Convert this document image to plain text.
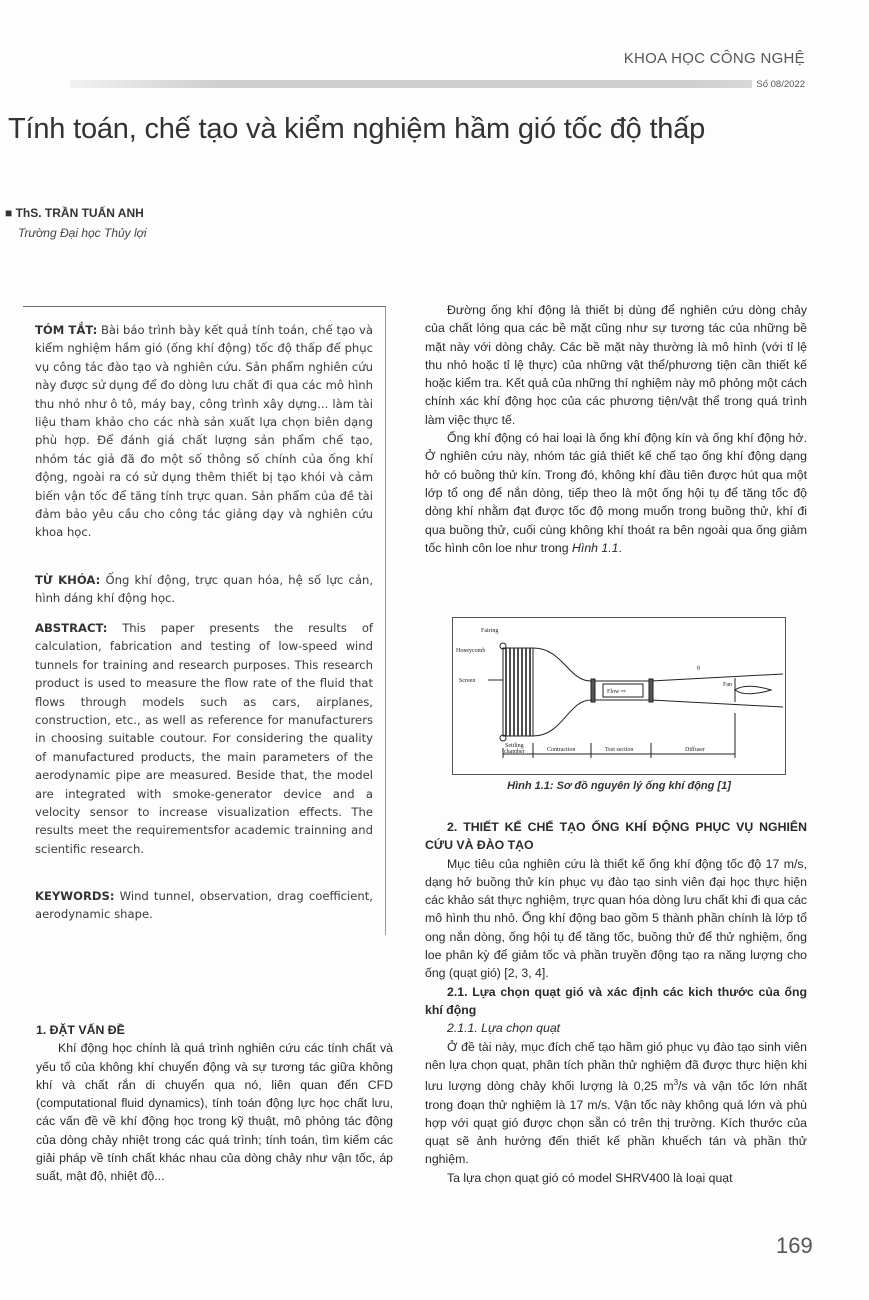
KHOA HỌC CÔNG NGHỆ
Số 08/2022
Tính toán, chế tạo và kiểm nghiệm hầm gió tốc độ thấp
■ ThS. TRẦN TUẤN ANH
Trường Đại học Thủy lợi

TÓM TẮT: Bài báo trình bày kết quả tính toán, chế tạo và kiểm nghiệm hầm gió (ống khí động) tốc độ thấp để phục vụ công tác đào tạo và nghiên cứu. Sản phẩm nghiên cứu này được sử dụng để đo dòng lưu chất đi qua các mô hình thu nhỏ như ô tô, máy bay, công trình xây dựng... làm tài liệu tham khảo cho các nhà sản xuất lựa chọn biên dạng phù hợp. Để đánh giá chất lượng sản phẩm chế tạo, nhóm tác giả đã đo một số thông số chính của ống khí động, ngoài ra có sử dụng thêm thiết bị tạo khói và cảm biến vận tốc để tăng tính trực quan. Sản phẩm của đề tài đảm bảo yêu cầu cho công tác giảng dạy và nghiên cứu khoa học.

TỪ KHÓA: Ống khí động, trực quan hóa, hệ số lực cản, hình dáng khí động học.

ABSTRACT: This paper presents the results of calculation, fabrication and testing of low-speed wind tunnels for training and research purposes. This research product is used to measure the flow rate of the fluid that flows through models such as cars, airplanes, construction, etc., as well as reference for manufacturers in choosing suitable coutour. For considering the quality of manufactured products, the main parameters of the aerodynamic pipe are measured. Beside that, the model are integrated with smoke-generator device and a velocity sensor to increase visualization effects. The results meet the requirementsfor academic trainning and scientific research.

KEYWORDS: Wind tunnel, observation, drag coefficient, aerodynamic shape.

1. ĐẶT VẤN ĐỀ

Khí động học chính là quá trình nghiên cứu các tính chất và yếu tố của không khí chuyển động và sự tương tác giữa không khí và chất rắn di chuyển qua nó, liên quan đến CFD (computational fluid dynamics), tính toán động lực học chất lưu, các vấn đề về khí động học trong kỹ thuật, mô phỏng tác động của dòng chảy nhiệt trong các quá trình; tính toán, tìm kiếm các giải pháp về tính chất khác nhau của dòng chảy như vận tốc, áp suất, mật độ, nhiệt độ...

Đường ống khí động là thiết bị dùng để nghiên cứu dòng chảy của chất lỏng qua các bề mặt cũng như sự tương tác của những bề mặt này với dòng chảy. Các bề mặt này thường là mô hình (với tỉ lệ thu nhỏ hoặc tỉ lệ thực) của những vật thể/phương tiện cần thiết kế hoặc kiểm tra. Kết quả của những thí nghiệm này mô phỏng một cách chính xác khí động học của các phương tiện/vật thể trong quá trình làm việc thực tế.

Ống khí động có hai loại là ống khí động kín và ống khí động hở. Ở nghiên cứu này, nhóm tác giả thiết kế chế tạo ống khí động dạng hở có buồng thử kín. Trong đó, không khí đầu tiên được hút qua một lớp tổ ong để nắn dòng, tiếp theo là một ống hội tụ để tăng tốc độ dòng khí nhằm đạt được tốc độ mong muốn trong buồng thử, khí đi qua buồng thử, cuối cùng không khí thoát ra bên ngoài qua ống giảm tốc hình côn loe như trong Hình 1.1.

Fairing
Honeycomb
Screen
Flow ⇨
Fan
θ
Settling
chamber	Contraction	Test section	Diffuser
Hình 1.1: Sơ đồ nguyên lý ống khí động [1]

2. THIẾT KẾ CHẾ TẠO ỐNG KHÍ ĐỘNG PHỤC VỤ NGHIÊN CỨU VÀ ĐÀO TẠO

Mục tiêu của nghiên cứu là thiết kế ống khí động tốc độ 17 m/s, dạng hở buồng thử kín phục vụ đào tạo sinh viên đại học thực hiện các khảo sát thực nghiệm, trực quan hóa dòng lưu chất khi đi qua các mô hình thu nhỏ. Ống khí động bao gồm 5 thành phần chính là lớp tổ ong nắn dòng, ống hội tụ để tăng tốc, buồng thử để thử nghiệm, ống loe phân kỳ để giảm tốc và phần truyền động tạo ra năng lượng cho ống (quạt gió) [2, 3, 4].

2.1. Lựa chọn quạt gió và xác định các kich thước của ống khí động

2.1.1. Lựa chọn quạt

Ở đề tài này, mục đích chế tạo hầm gió phục vụ đào tạo sinh viên nên lựa chọn quạt, phân tích phần thử nghiệm đã được thực hiện khi lưu lượng dòng chảy khối lượng là 0,25 $m^3/s$ và vận tốc lớn nhất trong đoạn thử nghiệm là 17 m/s. Vận tốc này không quá lớn và phù hợp với quạt gió được chọn sẵn có trên thị trường. Kích thước của quạt sẽ ảnh hưởng đến thiết kế phần khuếch tán và phần thử nghiệm.

Ta lựa chọn quạt gió có model SHRV400 là loại quạt

169
